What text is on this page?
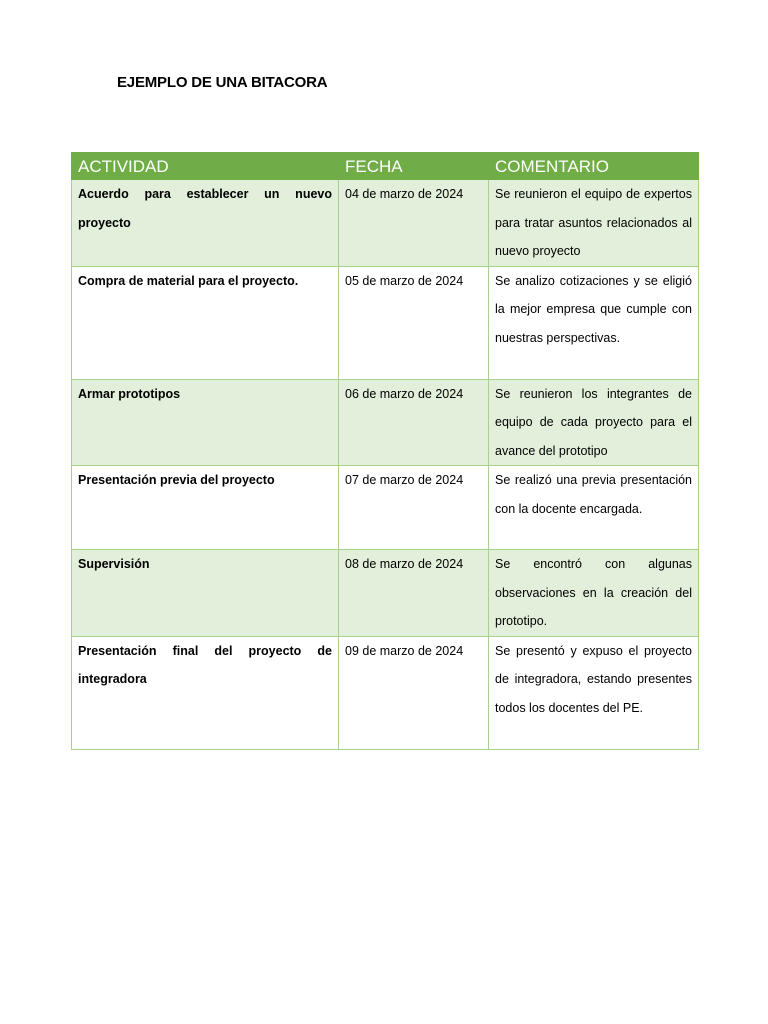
EJEMPLO DE UNA BITACORA
ACTIVIDAD	FECHA	COMENTARIO
Acuerdo para establecer un nuevo proyecto	04 de marzo de 2024	Se reunieron el equipo de expertos para tratar asuntos relacionados al nuevo proyecto
Compra de material para el proyecto.	05 de marzo de 2024	Se analizo cotizaciones y se eligió la mejor empresa que cumple con nuestras perspectivas.
Armar prototipos	06 de marzo de 2024	Se reunieron los integrantes de equipo de cada proyecto para el avance del prototipo
Presentación previa del proyecto	07 de marzo de 2024	Se realizó una previa presentación con la docente encargada.
Supervisión	08 de marzo de 2024	Se encontró con algunas observaciones en la creación del prototipo.
Presentación final del proyecto de integradora	09 de marzo de 2024	Se presentó y expuso el proyecto de integradora, estando presentes todos los docentes del PE.
